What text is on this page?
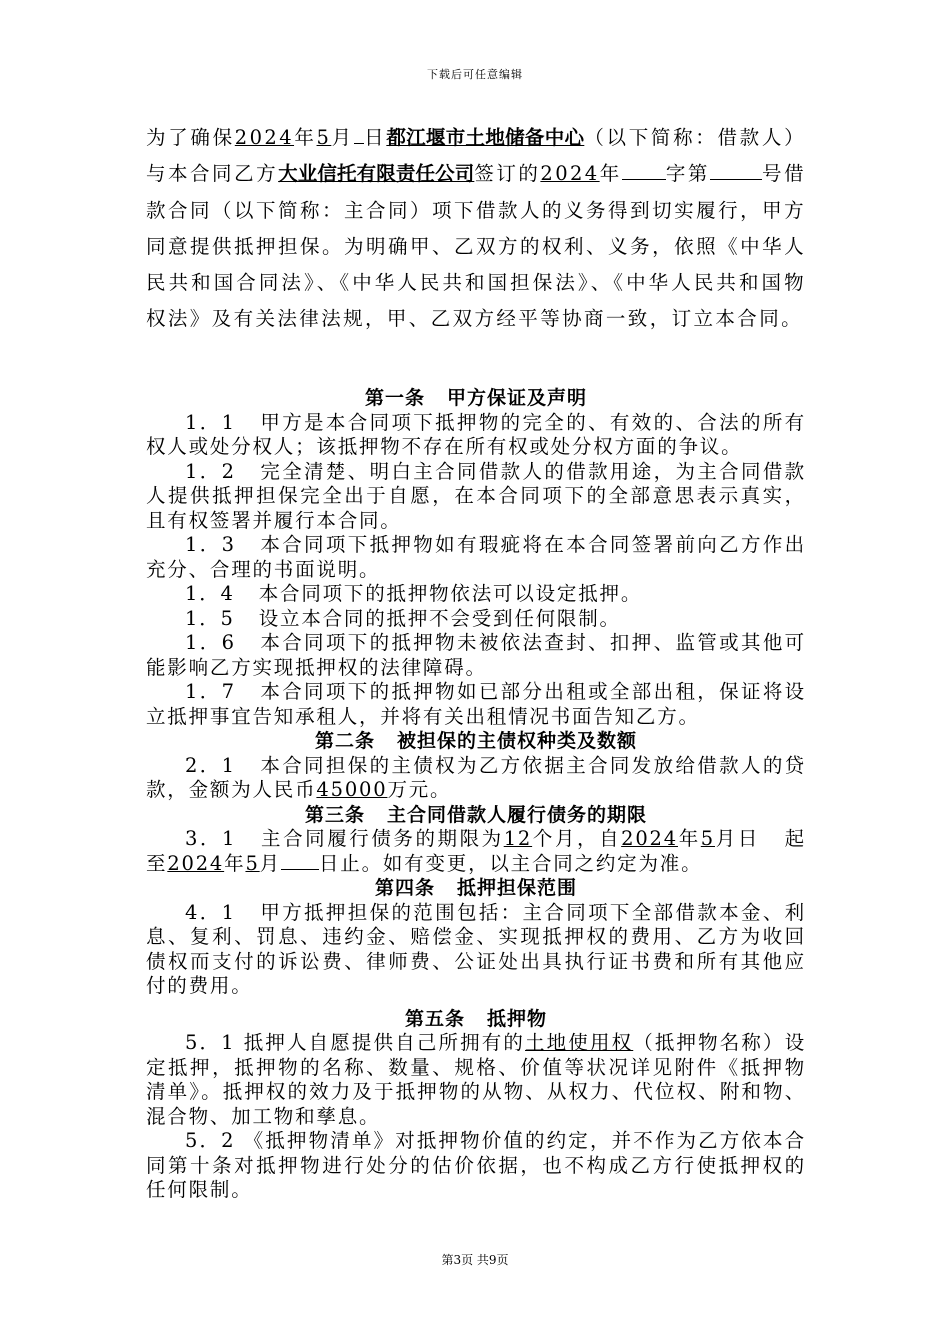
下载后可任意编辑

为了确保2024年5月 日都江堰市土地储备中心（以下简称：借款人）与本合同乙方大业信托有限责任公司签订的2024年 字第	号借款合同（以下简称：主合同）项下借款人的义务得到切实履行，甲方同意提供抵押担保。为明确甲、乙双方的权利、义务，依照《中华人民共和国合同法》、《中华人民共和国担保法》、《中华人民共和国物权法》及有关法律法规，甲、乙双方经平等协商一致，订立本合同。

第一条 甲方保证及声明

1．1 甲方是本合同项下抵押物的完全的、有效的、合法的所有权人或处分权人；该抵押物不存在所有权或处分权方面的争议。

1．2 完全清楚、明白主合同借款人的借款用途，为主合同借款人提供抵押担保完全出于自愿，在本合同项下的全部意思表示真实，且有权签署并履行本合同。

1．3 本合同项下抵押物如有瑕疵将在本合同签署前向乙方作出充分、合理的书面说明。

1．4 本合同项下的抵押物依法可以设定抵押。

1．5 设立本合同的抵押不会受到任何限制。

1．6 本合同项下的抵押物未被依法查封、扣押、监管或其他可能影响乙方实现抵押权的法律障碍。

1．7 本合同项下的抵押物如已部分出租或全部出租，保证将设立抵押事宜告知承租人，并将有关出租情况书面告知乙方。

第二条 被担保的主债权种类及数额

2．1 本合同担保的主债权为乙方依据主合同发放给借款人的贷款，金额为人民币45000万元。

第三条 主合同借款人履行债务的期限

3．1 主合同履行债务的期限为12个月，自2024年5月日 起至2024年5月 日止。如有变更，以主合同之约定为准。

第四条 抵押担保范围

4．1 甲方抵押担保的范围包括：主合同项下全部借款本金、利息、复利、罚息、违约金、赔偿金、实现抵押权的费用、乙方为收回债权而支付的诉讼费、律师费、公证处出具执行证书费和所有其他应付的费用。

第五条 抵押物

5．1 抵押人自愿提供自己所拥有的土地使用权（抵押物名称）设定抵押，抵押物的名称、数量、规格、价值等状况详见附件《抵押物清单》。抵押权的效力及于抵押物的从物、从权力、代位权、附和物、混合物、加工物和孳息。

5．2 《抵押物清单》对抵押物价值的约定，并不作为乙方依本合同第十条对抵押物进行处分的估价依据，也不构成乙方行使抵押权的任何限制。

第3页 共9页
